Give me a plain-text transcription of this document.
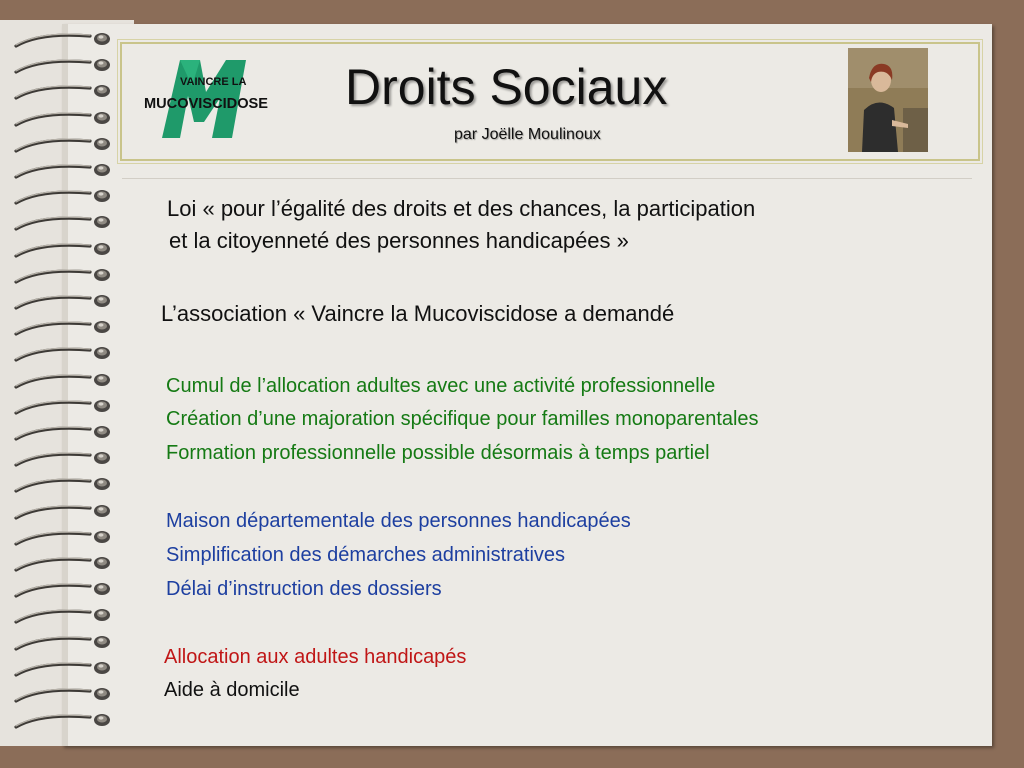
VAINCRE LA
MUCOVISCIDOSE Droits Sociaux
par Joëlle Moulinoux
Loi « pour l’égalité des droits et des chances, la participation
et la citoyenneté des personnes handicapées »
L’association « Vaincre la Mucoviscidose a demandé
Cumul de l’allocation adultes avec une activité professionnelle
Création d’une majoration spécifique pour familles monoparentales
Formation professionnelle possible désormais à temps partiel
Maison départementale des personnes handicapées
Simplification des démarches administratives
Délai d’instruction des dossiers
Allocation aux adultes handicapés
Aide à domicile
